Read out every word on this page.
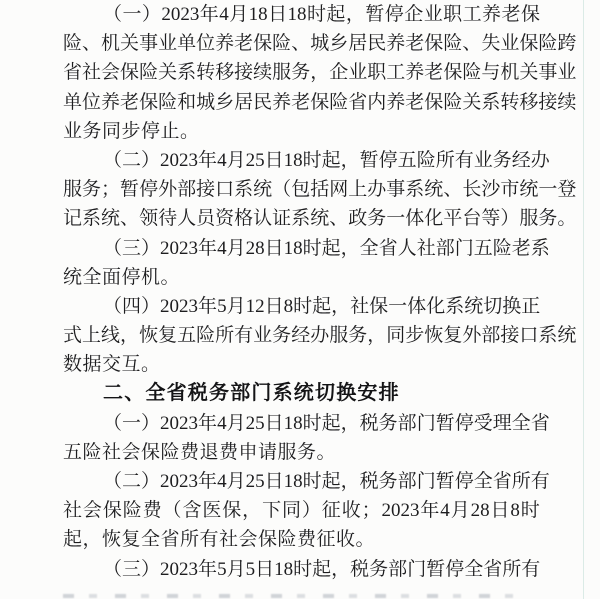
（ 一 ） 2023 年 4 月 18 日 18 时 起 ， 暂 停 企 业 职 工 养 老 保
险 、 机 关 事 业 单 位 养 老 保 险 、 城 乡 居 民 养 老 保 险 、 失 业 保 险 跨
省 社 会 保 险 关 系 转 移 接 续 服 务 ， 企 业 职 工 养 老 保 险 与 机 关 事 业
单 位 养 老 保 险 和 城 乡 居 民 养 老 保 险 省 内 养 老 保 险 关 系 转 移 接 续
业务同步停止。
（ 二 ） 2023 年 4 月 25 日 18 时 起 ， 暂 停 五 险 所 有 业 务 经 办
服 务 ； 暂 停 外 部 接 口 系 统 （ 包 括 网 上 办 事 系 统 、 长 沙 市 统 一 登
记 系 统 、 领 待 人 员 资 格 认 证 系 统 、 政 务 一 体 化 平 台 等 ） 服 务 。
（ 三 ） 2023 年 4 月 28 日 18 时 起 ， 全 省 人 社 部 门 五 险 老 系
统全面停机。
（ 四 ） 2023 年 5 月 12 日 8 时 起 ， 社 保 一 体 化 系 统 切 换 正
式 上 线 ， 恢 复 五 险 所 有 业 务 经 办 服 务 ， 同 步 恢 复 外 部 接 口 系 统
数据交互。
二、全省税务部门系统切换安排
（ 一 ） 2023 年 4 月 25 日 18 时 起 ， 税 务 部 门 暂 停 受 理 全 省
五险社会保险费退费申请服务。
（ 二 ） 2023 年 4 月 25 日 18 时 起 ， 税 务 部 门 暂 停 全 省 所 有
社 会 保 险 费 （ 含 医 保 ， 下 同 ） 征 收 ； 2023 年 4 月 28 日 8 时
起，恢复全省所有社会保险费征收。
（ 三 ） 2023 年 5 月 5 日 18 时 起 ， 税 务 部 门 暂 停 全 省 所 有
